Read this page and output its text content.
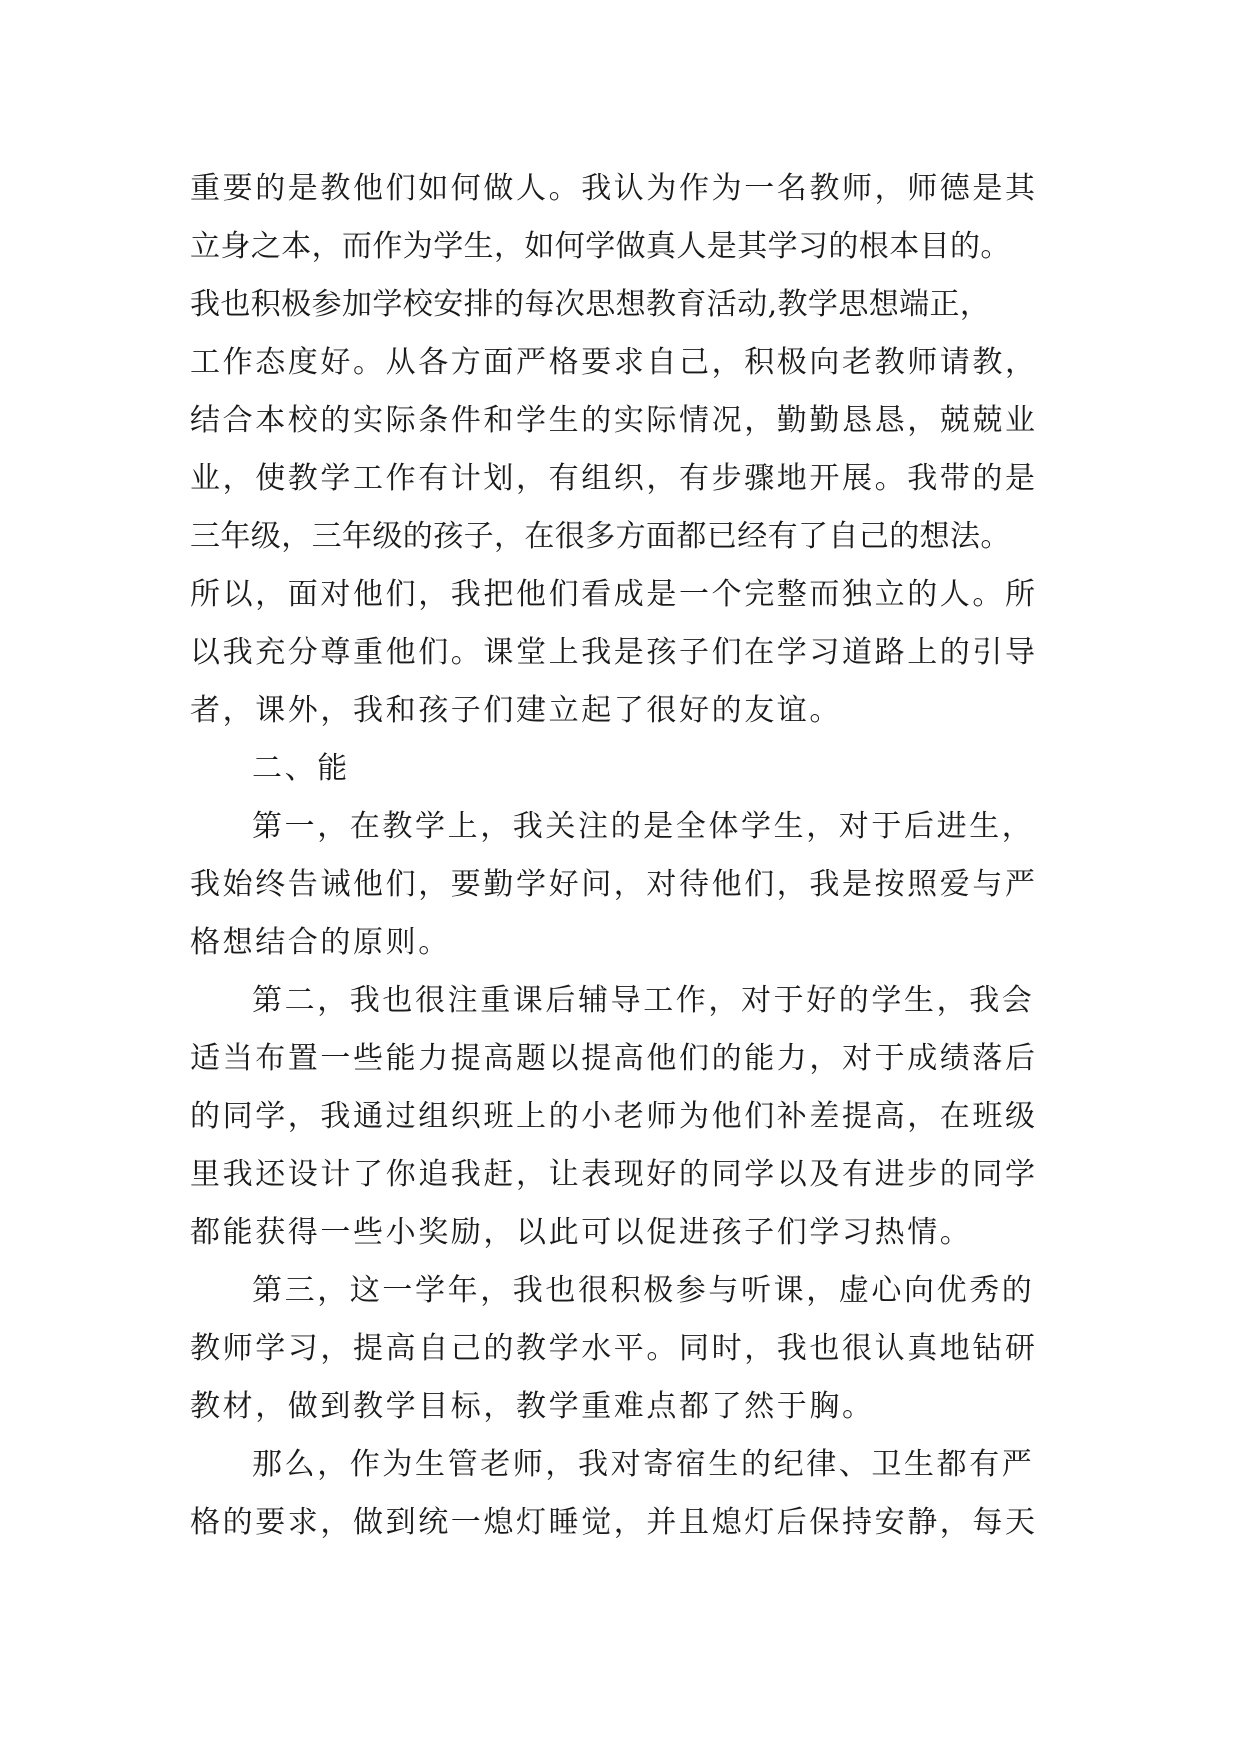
重要的是教他们如何做人。我认为作为一名教师，师德是其
立身之本，而作为学生，如何学做真人是其学习的根本目的。
我也积极参加学校安排的每次思想教育活动,教学思想端正，
工作态度好。从各方面严格要求自己，积极向老教师请教，
结合本校的实际条件和学生的实际情况，勤勤恳恳，兢兢业
业，使教学工作有计划，有组织，有步骤地开展。我带的是
三年级，三年级的孩子，在很多方面都已经有了自己的想法。
所以，面对他们，我把他们看成是一个完整而独立的人。所
以我充分尊重他们。课堂上我是孩子们在学习道路上的引导
者，课外，我和孩子们建立起了很好的友谊。
二、能
第一，在教学上，我关注的是全体学生，对于后进生，
我始终告诫他们，要勤学好问，对待他们，我是按照爱与严
格想结合的原则。
第二，我也很注重课后辅导工作，对于好的学生，我会
适当布置一些能力提高题以提高他们的能力，对于成绩落后
的同学，我通过组织班上的小老师为他们补差提高，在班级
里我还设计了你追我赶，让表现好的同学以及有进步的同学
都能获得一些小奖励，以此可以促进孩子们学习热情。
第三，这一学年，我也很积极参与听课，虚心向优秀的
教师学习，提高自己的教学水平。同时，我也很认真地钻研
教材，做到教学目标，教学重难点都了然于胸。
那么，作为生管老师，我对寄宿生的纪律、卫生都有严
格的要求，做到统一熄灯睡觉，并且熄灯后保持安静，每天
